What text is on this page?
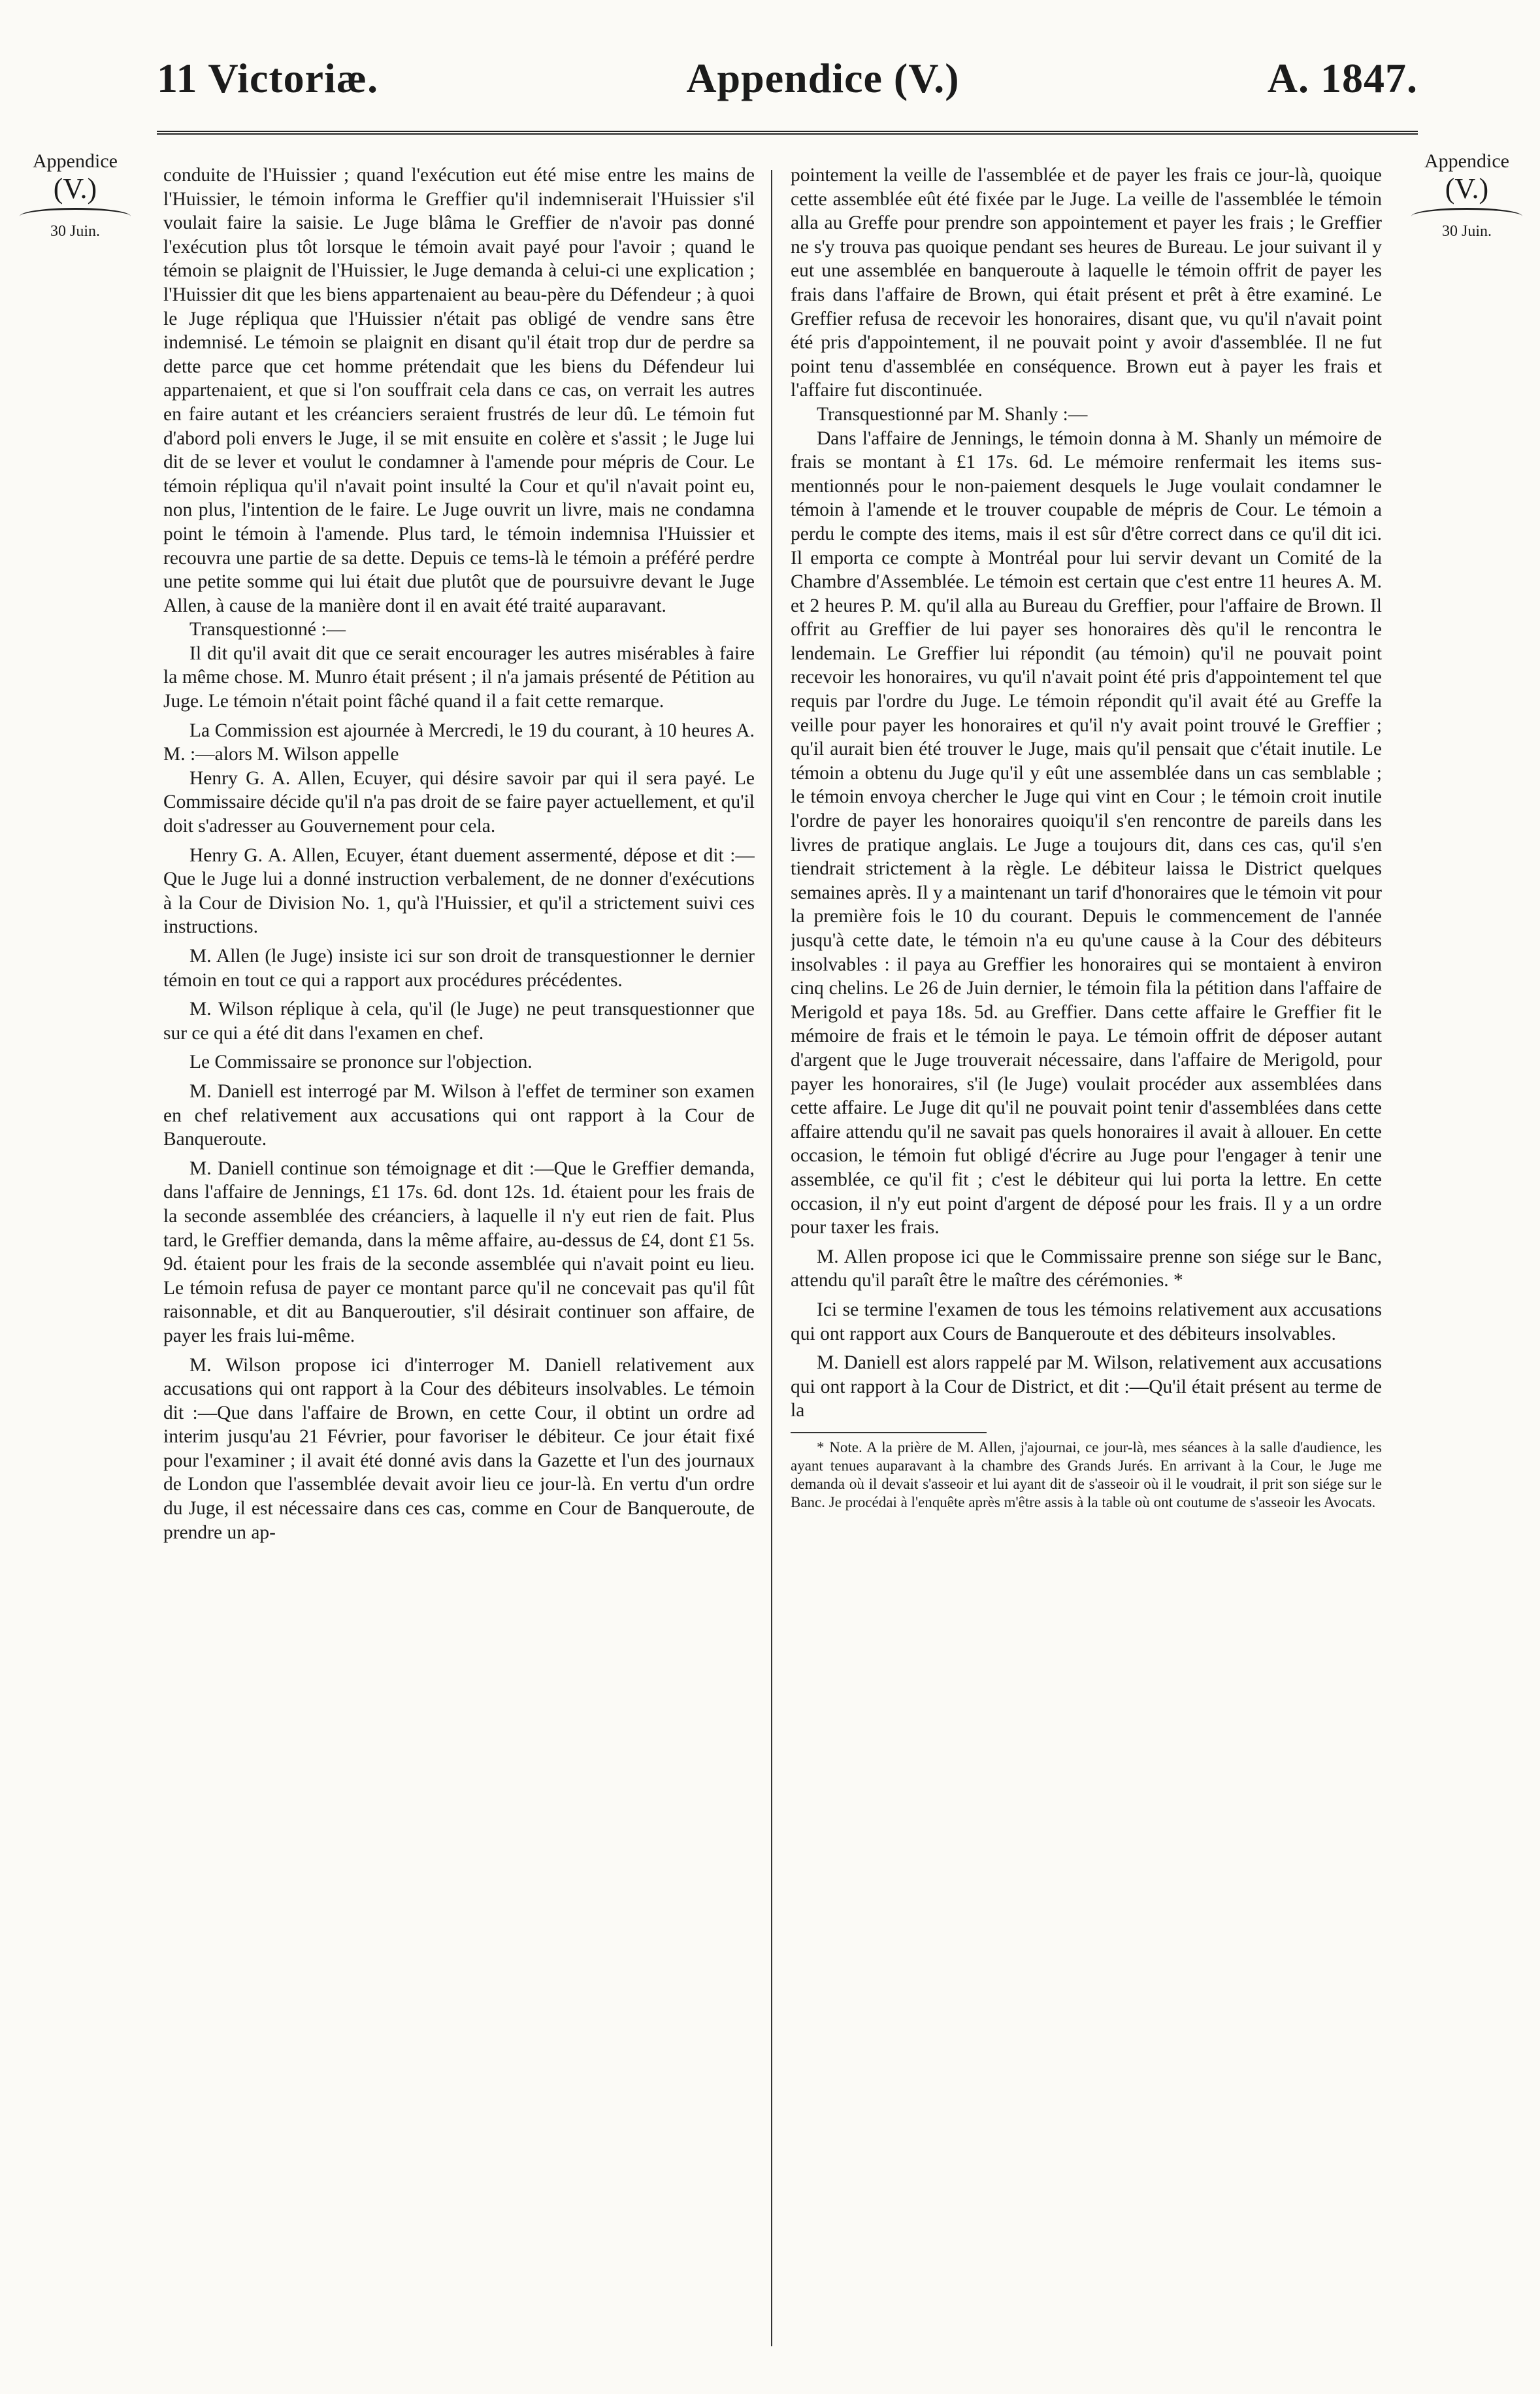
11 Victoriæ.	Appendice (V.)	A. 1847.
Appendice
(V.)
30 Juin.
Appendice
(V.)
30 Juin.

conduite de l'Huissier ; quand l'exécution eut été mise entre les mains de l'Huissier, le témoin informa le Greffier qu'il indemniserait l'Huissier s'il voulait faire la saisie. Le Juge blâma le Greffier de n'avoir pas donné l'exécution plus tôt lorsque le témoin avait payé pour l'avoir ; quand le témoin se plaignit de l'Huissier, le Juge demanda à celui-ci une explication ; l'Huissier dit que les biens appartenaient au beau-père du Défendeur ; à quoi le Juge répliqua que l'Huissier n'était pas obligé de vendre sans être indemnisé. Le témoin se plaignit en disant qu'il était trop dur de perdre sa dette parce que cet homme prétendait que les biens du Défendeur lui appartenaient, et que si l'on souffrait cela dans ce cas, on verrait les autres en faire autant et les créanciers seraient frustrés de leur dû. Le témoin fut d'abord poli envers le Juge, il se mit ensuite en colère et s'assit ; le Juge lui dit de se lever et voulut le condamner à l'amende pour mépris de Cour. Le témoin répliqua qu'il n'avait point insulté la Cour et qu'il n'avait point eu, non plus, l'intention de le faire. Le Juge ouvrit un livre, mais ne condamna point le témoin à l'amende. Plus tard, le témoin indemnisa l'Huissier et recouvra une partie de sa dette. Depuis ce tems-là le témoin a préféré perdre une petite somme qui lui était due plutôt que de poursuivre devant le Juge Allen, à cause de la manière dont il en avait été traité auparavant.

Transquestionné :—

Il dit qu'il avait dit que ce serait encourager les autres misérables à faire la même chose. M. Munro était présent ; il n'a jamais présenté de Pétition au Juge. Le témoin n'était point fâché quand il a fait cette remarque.

La Commission est ajournée à Mercredi, le 19 du courant, à 10 heures A. M. :—alors M. Wilson appelle

Henry G. A. Allen, Ecuyer, qui désire savoir par qui il sera payé. Le Commissaire décide qu'il n'a pas droit de se faire payer actuellement, et qu'il doit s'adresser au Gouvernement pour cela.

Henry G. A. Allen, Ecuyer, étant duement assermenté, dépose et dit :—Que le Juge lui a donné instruction verbalement, de ne donner d'exécutions à la Cour de Division No. 1, qu'à l'Huissier, et qu'il a strictement suivi ces instructions.

M. Allen (le Juge) insiste ici sur son droit de transquestionner le dernier témoin en tout ce qui a rapport aux procédures précédentes.

M. Wilson réplique à cela, qu'il (le Juge) ne peut transquestionner que sur ce qui a été dit dans l'examen en chef.

Le Commissaire se prononce sur l'objection.

M. Daniell est interrogé par M. Wilson à l'effet de terminer son examen en chef relativement aux accusations qui ont rapport à la Cour de Banqueroute.

M. Daniell continue son témoignage et dit :—Que le Greffier demanda, dans l'affaire de Jennings, £1 17s. 6d. dont 12s. 1d. étaient pour les frais de la seconde assemblée des créanciers, à laquelle il n'y eut rien de fait. Plus tard, le Greffier demanda, dans la même affaire, au-dessus de £4, dont £1 5s. 9d. étaient pour les frais de la seconde assemblée qui n'avait point eu lieu. Le témoin refusa de payer ce montant parce qu'il ne concevait pas qu'il fût raisonnable, et dit au Banqueroutier, s'il désirait continuer son affaire, de payer les frais lui-même.

M. Wilson propose ici d'interroger M. Daniell relativement aux accusations qui ont rapport à la Cour des débiteurs insolvables. Le témoin dit :—Que dans l'affaire de Brown, en cette Cour, il obtint un ordre ad interim jusqu'au 21 Février, pour favoriser le débiteur. Ce jour était fixé pour l'examiner ; il avait été donné avis dans la Gazette et l'un des journaux de London que l'assemblée devait avoir lieu ce jour-là. En vertu d'un ordre du Juge, il est nécessaire dans ces cas, comme en Cour de Banqueroute, de prendre un ap-

pointement la veille de l'assemblée et de payer les frais ce jour-là, quoique cette assemblée eût été fixée par le Juge. La veille de l'assemblée le témoin alla au Greffe pour prendre son appointement et payer les frais ; le Greffier ne s'y trouva pas quoique pendant ses heures de Bureau. Le jour suivant il y eut une assemblée en banqueroute à laquelle le témoin offrit de payer les frais dans l'affaire de Brown, qui était présent et prêt à être examiné. Le Greffier refusa de recevoir les honoraires, disant que, vu qu'il n'avait point été pris d'appointement, il ne pouvait point y avoir d'assemblée. Il ne fut point tenu d'assemblée en conséquence. Brown eut à payer les frais et l'affaire fut discontinuée.

Transquestionné par M. Shanly :—

Dans l'affaire de Jennings, le témoin donna à M. Shanly un mémoire de frais se montant à £1 17s. 6d. Le mémoire renfermait les items sus-mentionnés pour le non-paiement desquels le Juge voulait condamner le témoin à l'amende et le trouver coupable de mépris de Cour. Le témoin a perdu le compte des items, mais il est sûr d'être correct dans ce qu'il dit ici. Il emporta ce compte à Montréal pour lui servir devant un Comité de la Chambre d'Assemblée. Le témoin est certain que c'est entre 11 heures A. M. et 2 heures P. M. qu'il alla au Bureau du Greffier, pour l'affaire de Brown. Il offrit au Greffier de lui payer ses honoraires dès qu'il le rencontra le lendemain. Le Greffier lui répondit (au témoin) qu'il ne pouvait point recevoir les honoraires, vu qu'il n'avait point été pris d'appointement tel que requis par l'ordre du Juge. Le témoin répondit qu'il avait été au Greffe la veille pour payer les honoraires et qu'il n'y avait point trouvé le Greffier ; qu'il aurait bien été trouver le Juge, mais qu'il pensait que c'était inutile. Le témoin a obtenu du Juge qu'il y eût une assemblée dans un cas semblable ; le témoin envoya chercher le Juge qui vint en Cour ; le témoin croit inutile l'ordre de payer les honoraires quoiqu'il s'en rencontre de pareils dans les livres de pratique anglais. Le Juge a toujours dit, dans ces cas, qu'il s'en tiendrait strictement à la règle. Le débiteur laissa le District quelques semaines après. Il y a maintenant un tarif d'honoraires que le témoin vit pour la première fois le 10 du courant. Depuis le commencement de l'année jusqu'à cette date, le témoin n'a eu qu'une cause à la Cour des débiteurs insolvables : il paya au Greffier les honoraires qui se montaient à environ cinq chelins. Le 26 de Juin dernier, le témoin fila la pétition dans l'affaire de Merigold et paya 18s. 5d. au Greffier. Dans cette affaire le Greffier fit le mémoire de frais et le témoin le paya. Le témoin offrit de déposer autant d'argent que le Juge trouverait nécessaire, dans l'affaire de Merigold, pour payer les honoraires, s'il (le Juge) voulait procéder aux assemblées dans cette affaire. Le Juge dit qu'il ne pouvait point tenir d'assemblées dans cette affaire attendu qu'il ne savait pas quels honoraires il avait à allouer. En cette occasion, le témoin fut obligé d'écrire au Juge pour l'engager à tenir une assemblée, ce qu'il fit ; c'est le débiteur qui lui porta la lettre. En cette occasion, il n'y eut point d'argent de déposé pour les frais. Il y a un ordre pour taxer les frais.

M. Allen propose ici que le Commissaire prenne son siége sur le Banc, attendu qu'il paraît être le maître des cérémonies. *

Ici se termine l'examen de tous les témoins relativement aux accusations qui ont rapport aux Cours de Banqueroute et des débiteurs insolvables.

M. Daniell est alors rappelé par M. Wilson, relativement aux accusations qui ont rapport à la Cour de District, et dit :—Qu'il était présent au terme de la

* Note. A la prière de M. Allen, j'ajournai, ce jour-là, mes séances à la salle d'audience, les ayant tenues auparavant à la chambre des Grands Jurés. En arrivant à la Cour, le Juge me demanda où il devait s'asseoir et lui ayant dit de s'asseoir où il le voudrait, il prit son siége sur le Banc. Je procédai à l'enquête après m'être assis à la table où ont coutume de s'asseoir les Avocats.
